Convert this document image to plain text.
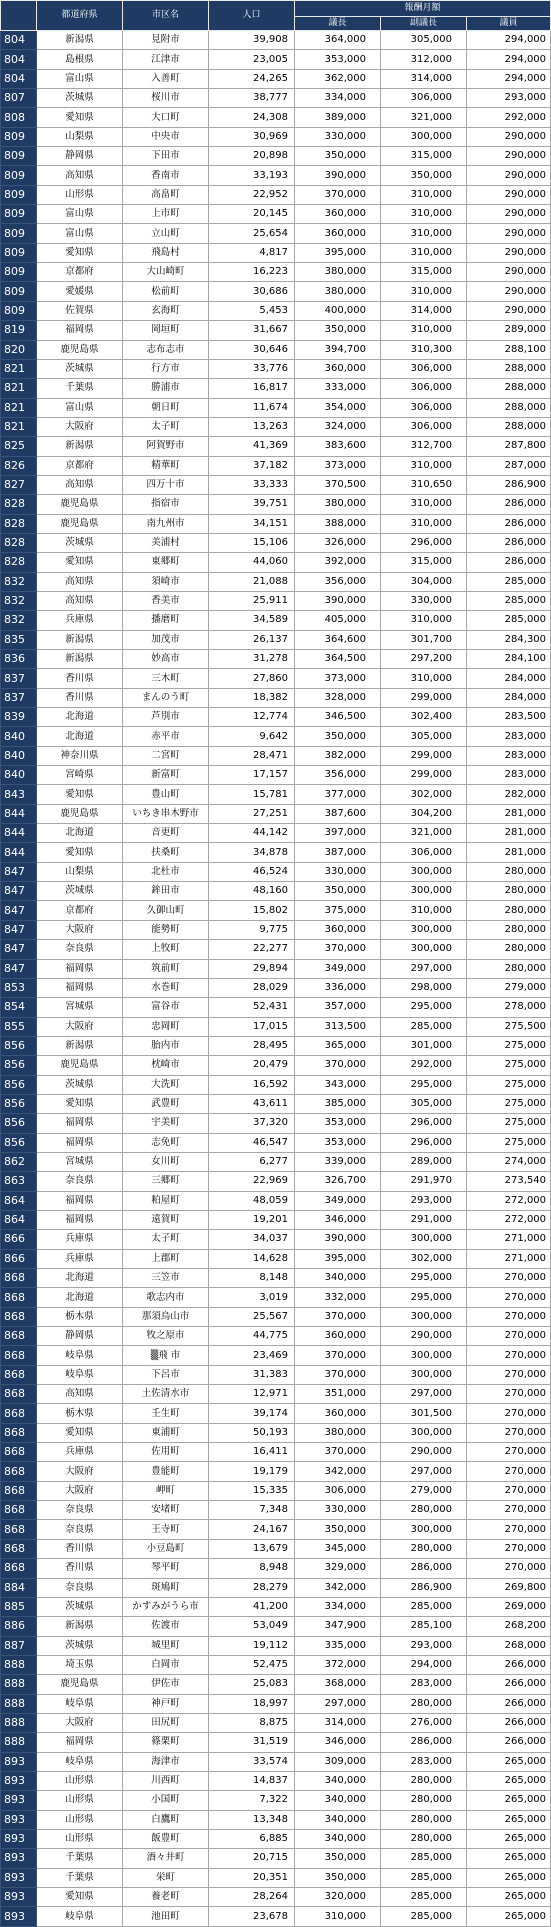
	都道府県	市区名	人口	報酬月額		
				議長	副議長	議員
804	新潟県	見附市	39,908	364,000	305,000	294,000
804	島根県	江津市	23,005	353,000	312,000	294,000
804	富山県	入善町	24,265	362,000	314,000	294,000
807	茨城県	桜川市	38,777	334,000	306,000	293,000
808	愛知県	大口町	24,308	389,000	321,000	292,000
809	山梨県	中央市	30,969	330,000	300,000	290,000
809	静岡県	下田市	20,898	350,000	315,000	290,000
809	高知県	香南市	33,193	390,000	350,000	290,000
809	山形県	高畠町	22,952	370,000	310,000	290,000
809	富山県	上市町	20,145	360,000	310,000	290,000
809	富山県	立山町	25,654	360,000	310,000	290,000
809	愛知県	飛島村	4,817	395,000	310,000	290,000
809	京都府	大山崎町	16,223	380,000	315,000	290,000
809	愛媛県	松前町	30,686	380,000	310,000	290,000
809	佐賀県	玄海町	5,453	400,000	314,000	290,000
819	福岡県	岡垣町	31,667	350,000	310,000	289,000
820	鹿児島県	志布志市	30,646	394,700	310,300	288,100
821	茨城県	行方市	33,776	360,000	306,000	288,000
821	千葉県	勝浦市	16,817	333,000	306,000	288,000
821	富山県	朝日町	11,674	354,000	306,000	288,000
821	大阪府	太子町	13,263	324,000	306,000	288,000
825	新潟県	阿賀野市	41,369	383,600	312,700	287,800
826	京都府	精華町	37,182	373,000	310,000	287,000
827	高知県	四万十市	33,333	370,500	310,650	286,900
828	鹿児島県	指宿市	39,751	380,000	310,000	286,000
828	鹿児島県	南九州市	34,151	388,000	310,000	286,000
828	茨城県	美浦村	15,106	326,000	296,000	286,000
828	愛知県	東郷町	44,060	392,000	315,000	286,000
832	高知県	須崎市	21,088	356,000	304,000	285,000
832	高知県	香美市	25,911	390,000	330,000	285,000
832	兵庫県	播磨町	34,589	405,000	310,000	285,000
835	新潟県	加茂市	26,137	364,600	301,700	284,300
836	新潟県	妙高市	31,278	364,500	297,200	284,100
837	香川県	三木町	27,860	373,000	310,000	284,000
837	香川県	まんのう町	18,382	328,000	299,000	284,000
839	北海道	芦別市	12,774	346,500	302,400	283,500
840	北海道	赤平市	9,642	350,000	305,000	283,000
840	神奈川県	二宮町	28,471	382,000	299,000	283,000
840	宮崎県	新富町	17,157	356,000	299,000	283,000
843	愛知県	豊山町	15,781	377,000	302,000	282,000
844	鹿児島県	いちき串木野市	27,251	387,600	304,200	281,000
844	北海道	音更町	44,142	397,000	321,000	281,000
844	愛知県	扶桑町	34,878	387,000	306,000	281,000
847	山梨県	北杜市	46,524	330,000	300,000	280,000
847	茨城県	鉾田市	48,160	350,000	300,000	280,000
847	京都府	久御山町	15,802	375,000	310,000	280,000
847	大阪府	能勢町	9,775	360,000	300,000	280,000
847	奈良県	上牧町	22,277	370,000	300,000	280,000
847	福岡県	筑前町	29,894	349,000	297,000	280,000
853	福岡県	水巻町	28,029	336,000	298,000	279,000
854	宮城県	富谷市	52,431	357,000	295,000	278,000
855	大阪府	忠岡町	17,015	313,500	285,000	275,500
856	新潟県	胎内市	28,495	365,000	301,000	275,000
856	鹿児島県	枕崎市	20,479	370,000	292,000	275,000
856	茨城県	大洗町	16,592	343,000	295,000	275,000
856	愛知県	武豊町	43,611	385,000	305,000	275,000
856	福岡県	宇美町	37,320	353,000	296,000	275,000
856	福岡県	志免町	46,547	353,000	296,000	275,000
862	宮城県	女川町	6,277	339,000	289,000	274,000
863	奈良県	三郷町	22,969	326,700	291,970	273,540
864	福岡県	粕屋町	48,059	349,000	293,000	272,000
864	福岡県	遠賀町	19,201	346,000	291,000	272,000
866	兵庫県	太子町	34,037	390,000	300,000	271,000
866	兵庫県	上郡町	14,628	395,000	302,000	271,000
868	北海道	三笠市	8,148	340,000	295,000	270,000
868	北海道	歌志内市	3,019	332,000	295,000	270,000
868	栃木県	那須烏山市	25,567	370,000	300,000	270,000
868	静岡県	牧之原市	44,775	360,000	290,000	270,000
868	岐阜県	▒飛 市	23,469	370,000	300,000	270,000
868	岐阜県	下呂市	31,383	370,000	300,000	270,000
868	高知県	土佐清水市	12,971	351,000	297,000	270,000
868	栃木県	壬生町	39,174	360,000	301,500	270,000
868	愛知県	東浦町	50,193	380,000	300,000	270,000
868	兵庫県	佐用町	16,411	370,000	290,000	270,000
868	大阪府	豊能町	19,179	342,000	297,000	270,000
868	大阪府	岬町	15,335	306,000	279,000	270,000
868	奈良県	安堵町	7,348	330,000	280,000	270,000
868	奈良県	王寺町	24,167	350,000	300,000	270,000
868	香川県	小豆島町	13,679	345,000	280,000	270,000
868	香川県	琴平町	8,948	329,000	286,000	270,000
884	奈良県	斑鳩町	28,279	342,000	286,900	269,800
885	茨城県	かすみがうら市	41,200	334,000	285,000	269,000
886	新潟県	佐渡市	53,049	347,900	285,100	268,200
887	茨城県	城里町	19,112	335,000	293,000	268,000
888	埼玉県	白岡市	52,475	372,000	294,000	266,000
888	鹿児島県	伊佐市	25,083	368,000	283,000	266,000
888	岐阜県	神戸町	18,997	297,000	280,000	266,000
888	大阪府	田尻町	8,875	314,000	276,000	266,000
888	福岡県	篠栗町	31,519	346,000	286,000	266,000
893	岐阜県	海津市	33,574	309,000	283,000	265,000
893	山形県	川西町	14,837	340,000	280,000	265,000
893	山形県	小国町	7,322	340,000	280,000	265,000
893	山形県	白鷹町	13,348	340,000	280,000	265,000
893	山形県	飯豊町	6,885	340,000	280,000	265,000
893	千葉県	酒々井町	20,715	350,000	285,000	265,000
893	千葉県	栄町	20,351	350,000	285,000	265,000
893	愛知県	養老町	28,264	320,000	285,000	265,000
893	岐阜県	池田町	23,678	310,000	285,000	265,000
